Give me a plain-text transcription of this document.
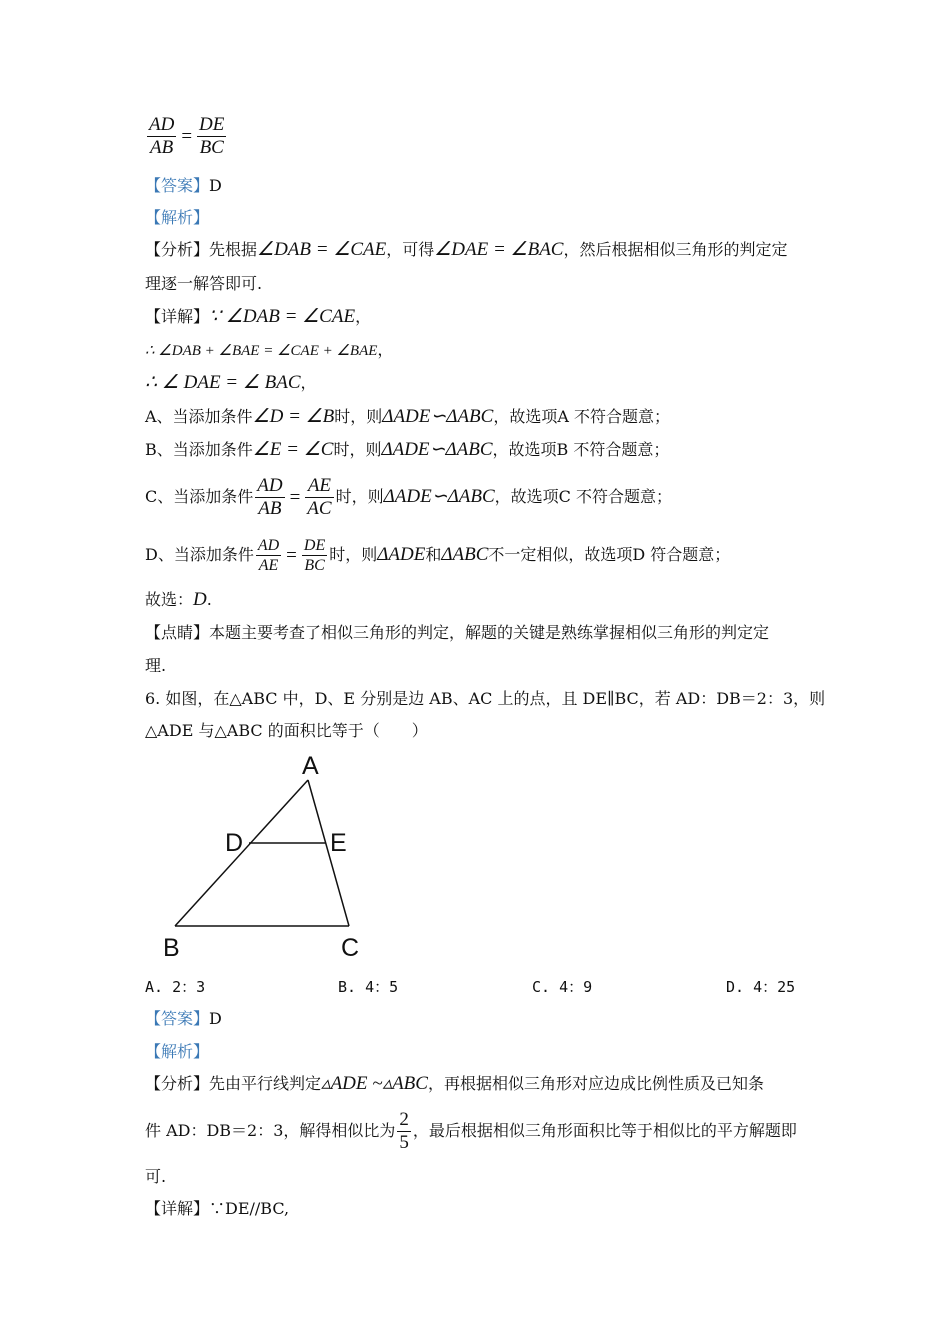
$\frac{AD}{AB} = \frac{DE}{BC}$
【答案】D
【解析】
【分析】先根据∠DAB = ∠CAE，可得∠DAE = ∠BAC，然后根据相似三角形的判定定
理逐一解答即可.
【详解】∵ ∠DAB = ∠CAE，
∴ ∠DAB + ∠BAE = ∠CAE + ∠BAE，
∴ ∠ DAE = ∠ BAC，
A、当添加条件∠D = ∠B时，则ΔADE∽ΔABC，故选项A 不符合题意；
B、当添加条件∠E = ∠C时，则ΔADE∽ΔABC，故选项B 不符合题意；
C、当添加条件 $\frac{AD}{AB} = \frac{AE}{AC}$ 时，则ΔADE∽ΔABC，故选项C 不符合题意；
D、当添加条件 $\frac{AD}{AE} = \frac{DE}{BC}$ 时，则ΔADE和ΔABC不一定相似，故选项D 符合题意；
故选：D.
【点睛】本题主要考查了相似三角形的判定，解题的关键是熟练掌握相似三角形的判定定
理.
6. 如图，在△ABC 中，D、E 分别是边 AB、AC 上的点，且 DE∥BC，若 AD：DB＝2：3，则
△ADE 与△ABC 的面积比等于（　　）
A
D	E
B	C
A. 2：3	B. 4：5	C. 4：9	D. 4：25
【答案】D
【解析】
【分析】先由平行线判定▵ADE ~▵ABC，再根据相似三角形对应边成比例性质及已知条
件 AD：DB＝2：3，解得相似比为 $\frac{2}{5}$ ，最后根据相似三角形面积比等于相似比的平方解题即
可.
【详解】∵DE//BC,
